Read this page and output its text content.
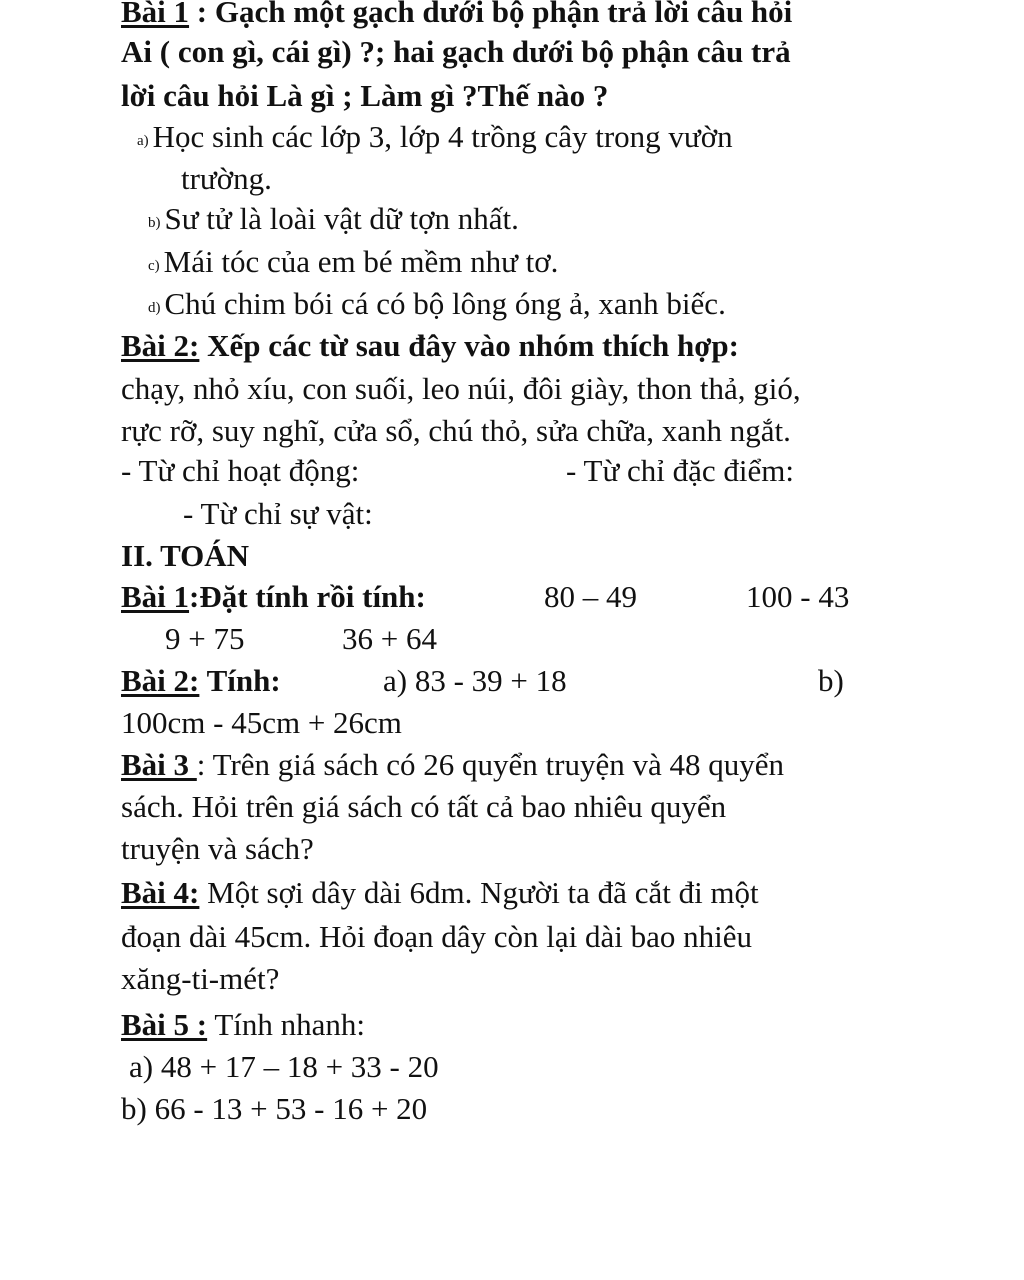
Bài 1 : Gạch một gạch dưới bộ phận trả lời câu hỏi
Ai ( con gì, cái gì) ?; hai gạch dưới bộ phận câu trả
lời câu hỏi Là gì ; Làm gì ?Thế nào ?
a) Học sinh các lớp 3, lớp 4 trồng cây trong vườn
trường.
b) Sư tử là loài vật dữ tợn nhất.
c) Mái tóc của em bé mềm như tơ.
d) Chú chim bói cá có bộ lông óng ả, xanh biếc.
Bài 2: Xếp các từ sau đây vào nhóm thích hợp:
chạy, nhỏ xíu, con suối, leo núi, đôi giày, thon thả, gió,
rực rỡ, suy nghĩ, cửa sổ, chú thỏ, sửa chữa, xanh ngắt.
- Từ chỉ hoạt động:	- Từ chỉ đặc điểm:
- Từ chỉ sự vật:
II. TOÁN
Bài 1:Đặt tính rồi tính:	80 – 49	100 - 43
9 + 75	36 + 64
Bài 2: Tính:	a) 83 - 39 + 18	b)
100cm - 45cm + 26cm
Bài 3 : Trên giá sách có 26 quyển truyện và 48 quyển
sách. Hỏi trên giá sách có tất cả bao nhiêu quyển
truyện và sách?
Bài 4: Một sợi dây dài 6dm. Người ta đã cắt đi một
đoạn dài 45cm. Hỏi đoạn dây còn lại dài bao nhiêu
xăng-ti-mét?
Bài 5 : Tính nhanh:
a) 48 + 17 – 18 + 33 - 20
b) 66 - 13 + 53 - 16 + 20
